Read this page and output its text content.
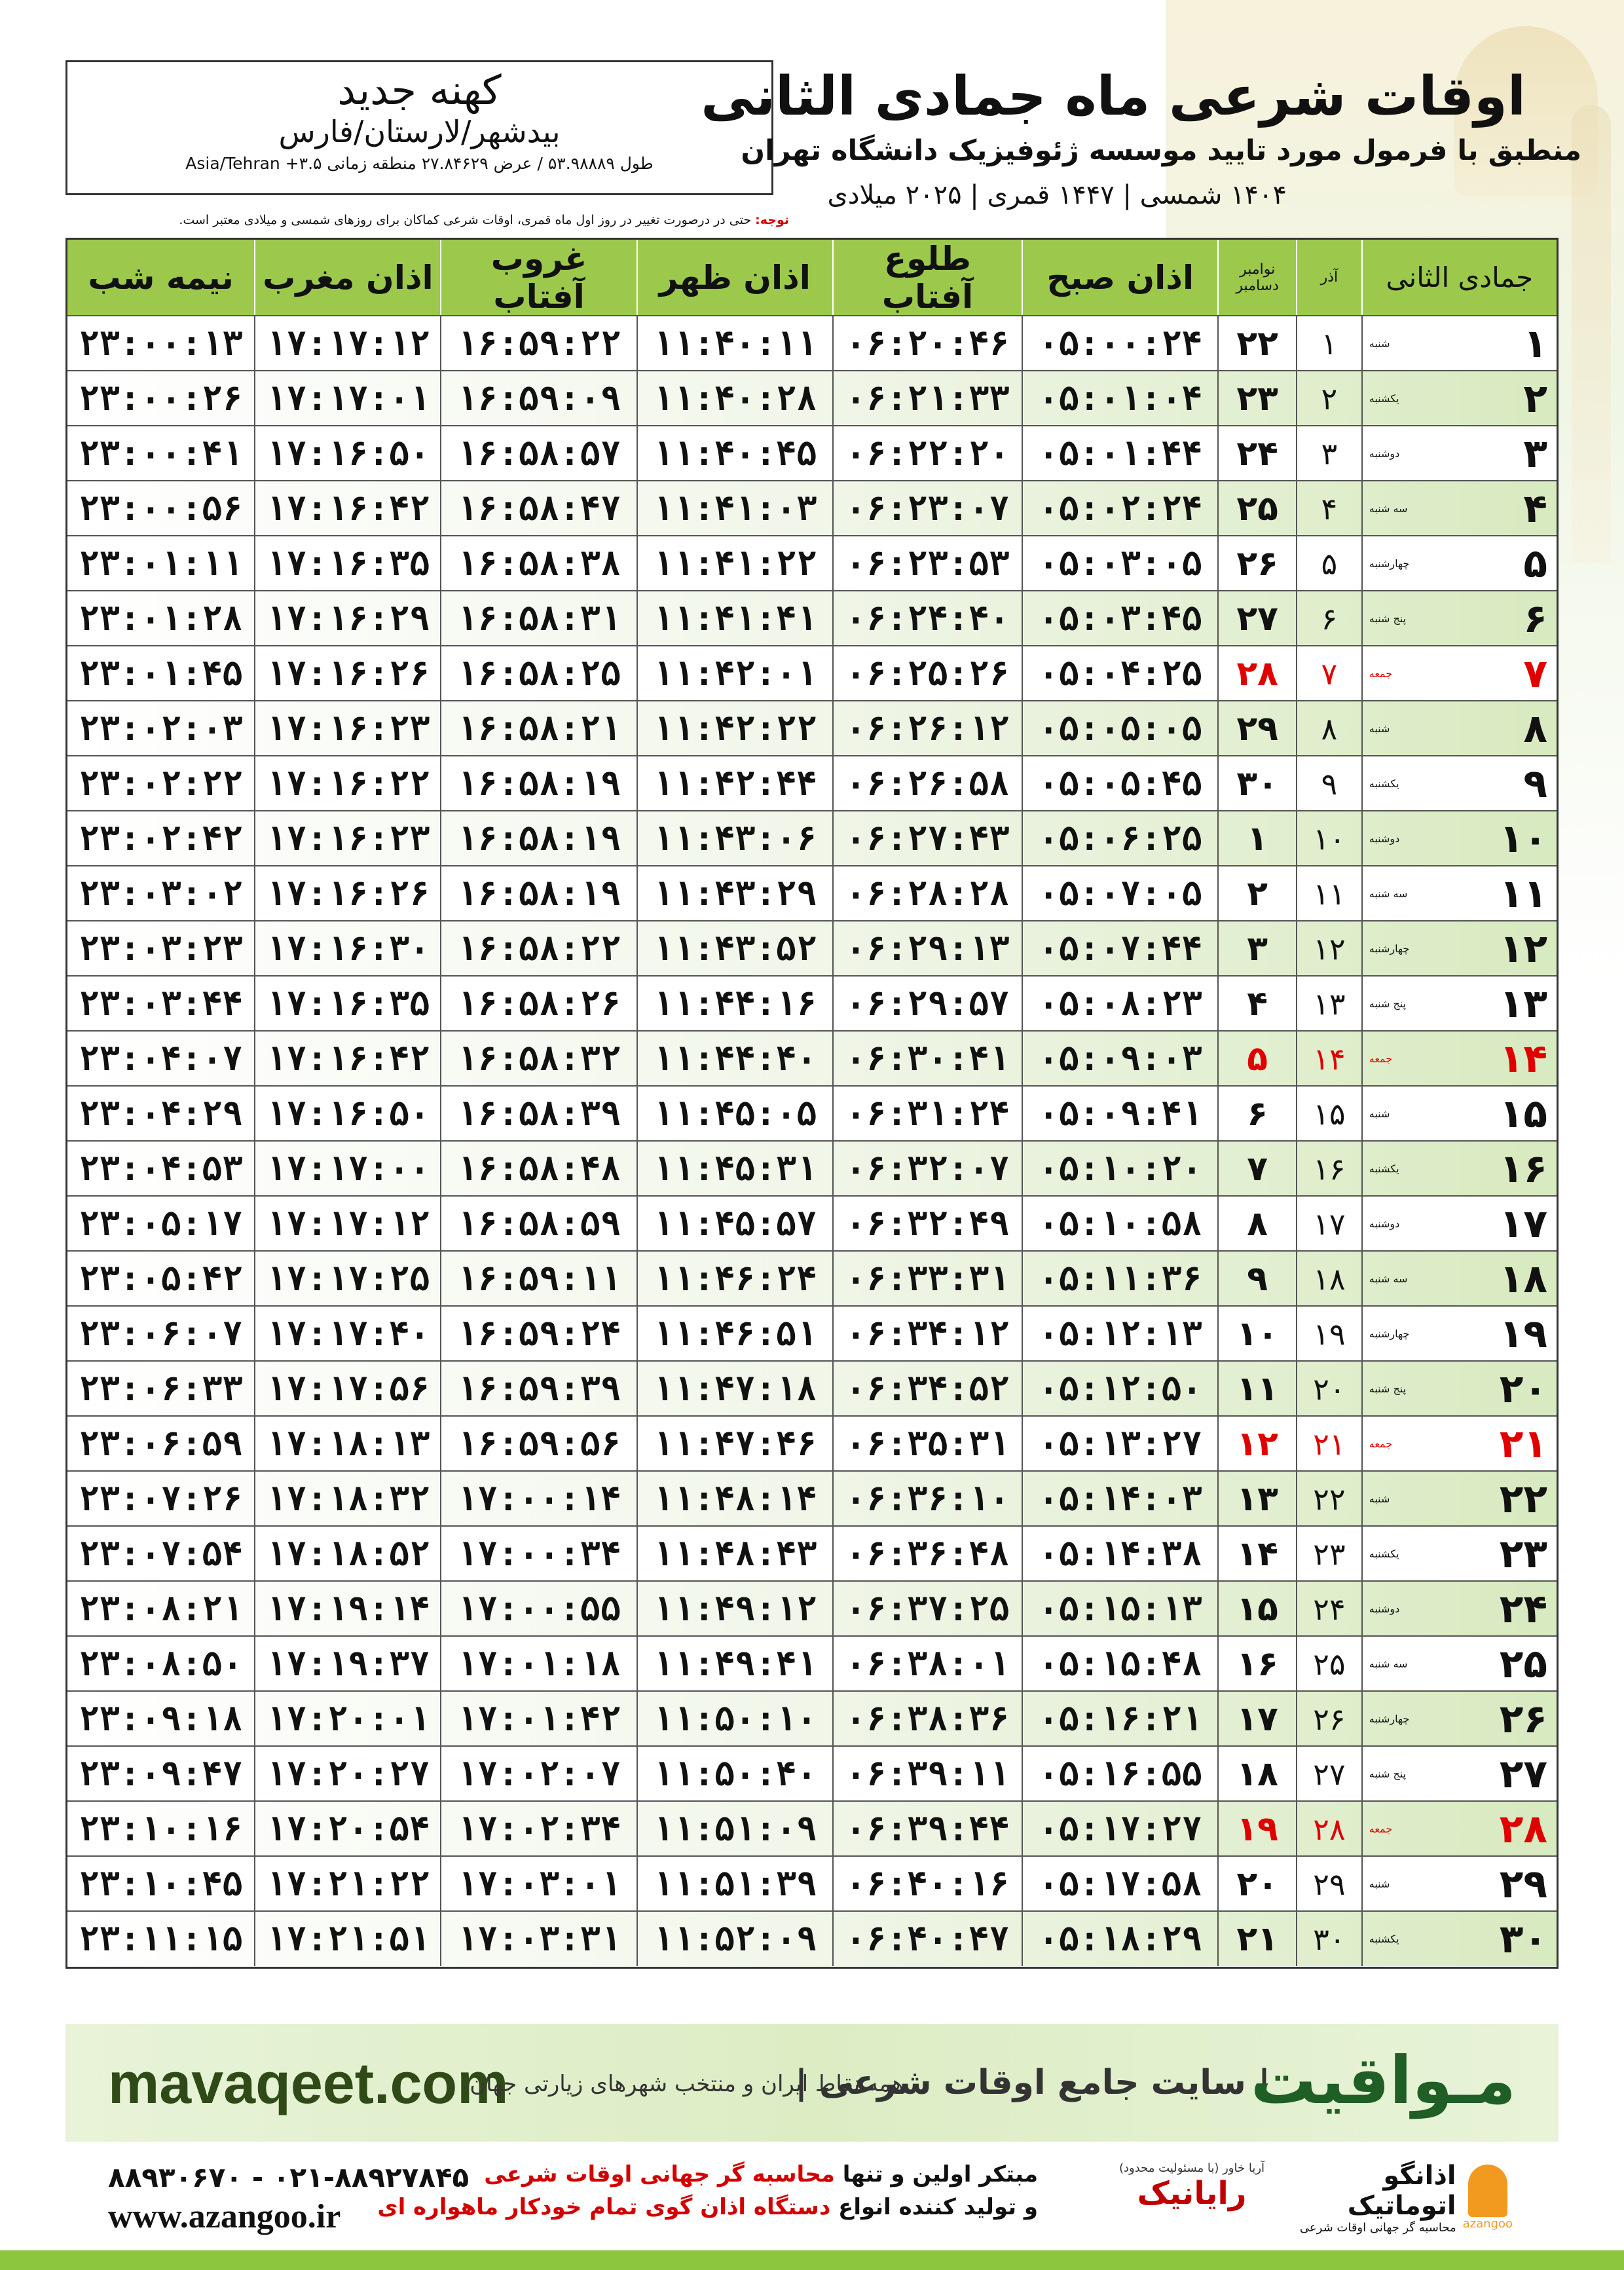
کهنه جدید
بیدشهر/لارستان/فارس
طول ۵۳.۹۸۸۸۹ / عرض ۲۷.۸۴۶۲۹ منطقه زمانی ۳.۵+ Asia/Tehran
اوقات شرعی ماه جمادی الثانی
منطبق با فرمول مورد تایید موسسه ژئوفیزیک دانشگاه تهران
۱۴۰۴ شمسی | ۱۴۴۷ قمری | ۲۰۲۵ میلادی
توجه: حتی در درصورت تغییر در روز اول ماه قمری، اوقات شرعی کماکان برای روزهای شمسی و میلادی معتبر است.
نیمه شب اذان مغرب	غروب آفتاب	اذان ظهر	طلوع آفتاب	اذان صبح	نوامبر
دسامبر	آذر	جمادی الثانی
۲۳:۰۰:۱۳ ۱۷:۱۷:۱۲ ۱۶:۵۹:۲۲ ۱۱:۴۰:۱۱ ۰۶:۲۰:۴۶ ۰۵:۰۰:۲۴	۲۲	۱	شنبه	۱
۲۳:۰۰:۲۶ ۱۷:۱۷:۰۱ ۱۶:۵۹:۰۹ ۱۱:۴۰:۲۸ ۰۶:۲۱:۳۳ ۰۵:۰۱:۰۴	۲۳	۲	یکشنبه	۲
۲۳:۰۰:۴۱ ۱۷:۱۶:۵۰ ۱۶:۵۸:۵۷ ۱۱:۴۰:۴۵ ۰۶:۲۲:۲۰ ۰۵:۰۱:۴۴	۲۴	۳	دوشنبه	۳
۲۳:۰۰:۵۶ ۱۷:۱۶:۴۲ ۱۶:۵۸:۴۷ ۱۱:۴۱:۰۳ ۰۶:۲۳:۰۷ ۰۵:۰۲:۲۴	۲۵	۴	سه شنبه	۴
۲۳:۰۱:۱۱ ۱۷:۱۶:۳۵ ۱۶:۵۸:۳۸ ۱۱:۴۱:۲۲ ۰۶:۲۳:۵۳ ۰۵:۰۳:۰۵	۲۶	۵	چهارشنبه	۵
۲۳:۰۱:۲۸ ۱۷:۱۶:۲۹ ۱۶:۵۸:۳۱ ۱۱:۴۱:۴۱ ۰۶:۲۴:۴۰ ۰۵:۰۳:۴۵	۲۷	۶	پنج شنبه	۶
۲۳:۰۱:۴۵ ۱۷:۱۶:۲۶ ۱۶:۵۸:۲۵ ۱۱:۴۲:۰۱ ۰۶:۲۵:۲۶ ۰۵:۰۴:۲۵	۲۸	۷	جمعه	۷
۲۳:۰۲:۰۳ ۱۷:۱۶:۲۳ ۱۶:۵۸:۲۱ ۱۱:۴۲:۲۲ ۰۶:۲۶:۱۲ ۰۵:۰۵:۰۵	۲۹	۸	شنبه	۸
۲۳:۰۲:۲۲ ۱۷:۱۶:۲۲ ۱۶:۵۸:۱۹ ۱۱:۴۲:۴۴ ۰۶:۲۶:۵۸ ۰۵:۰۵:۴۵	۳۰	۹	یکشنبه	۹
۲۳:۰۲:۴۲ ۱۷:۱۶:۲۳ ۱۶:۵۸:۱۹ ۱۱:۴۳:۰۶ ۰۶:۲۷:۴۳ ۰۵:۰۶:۲۵	۱	۱۰	دوشنبه	۱۰
۲۳:۰۳:۰۲ ۱۷:۱۶:۲۶ ۱۶:۵۸:۱۹ ۱۱:۴۳:۲۹ ۰۶:۲۸:۲۸ ۰۵:۰۷:۰۵	۲	۱۱	سه شنبه ۱۱
۲۳:۰۳:۲۳ ۱۷:۱۶:۳۰ ۱۶:۵۸:۲۲ ۱۱:۴۳:۵۲ ۰۶:۲۹:۱۳ ۰۵:۰۷:۴۴	۳	۱۲	چهارشنبه ۱۲
۲۳:۰۳:۴۴ ۱۷:۱۶:۳۵ ۱۶:۵۸:۲۶ ۱۱:۴۴:۱۶ ۰۶:۲۹:۵۷ ۰۵:۰۸:۲۳	۴	۱۳	پنج شنبه ۱۳
۲۳:۰۴:۰۷ ۱۷:۱۶:۴۲ ۱۶:۵۸:۳۲ ۱۱:۴۴:۴۰ ۰۶:۳۰:۴۱ ۰۵:۰۹:۰۳	۵	۱۴	جمعه	۱۴
۲۳:۰۴:۲۹ ۱۷:۱۶:۵۰ ۱۶:۵۸:۳۹ ۱۱:۴۵:۰۵ ۰۶:۳۱:۲۴ ۰۵:۰۹:۴۱	۶	۱۵	شنبه	۱۵
۲۳:۰۴:۵۳ ۱۷:۱۷:۰۰ ۱۶:۵۸:۴۸ ۱۱:۴۵:۳۱ ۰۶:۳۲:۰۷ ۰۵:۱۰:۲۰	۷	۱۶	یکشنبه	۱۶
۲۳:۰۵:۱۷ ۱۷:۱۷:۱۲ ۱۶:۵۸:۵۹ ۱۱:۴۵:۵۷ ۰۶:۳۲:۴۹ ۰۵:۱۰:۵۸	۸	۱۷	دوشنبه	۱۷
۲۳:۰۵:۴۲ ۱۷:۱۷:۲۵ ۱۶:۵۹:۱۱ ۱۱:۴۶:۲۴ ۰۶:۳۳:۳۱ ۰۵:۱۱:۳۶	۹	۱۸	سه شنبه ۱۸
۲۳:۰۶:۰۷ ۱۷:۱۷:۴۰ ۱۶:۵۹:۲۴ ۱۱:۴۶:۵۱ ۰۶:۳۴:۱۲ ۰۵:۱۲:۱۳	۱۰	۱۹	چهارشنبه ۱۹
۲۳:۰۶:۳۳ ۱۷:۱۷:۵۶ ۱۶:۵۹:۳۹ ۱۱:۴۷:۱۸ ۰۶:۳۴:۵۲ ۰۵:۱۲:۵۰	۱۱	۲۰	پنج شنبه ۲۰
۲۳:۰۶:۵۹ ۱۷:۱۸:۱۳ ۱۶:۵۹:۵۶ ۱۱:۴۷:۴۶ ۰۶:۳۵:۳۱ ۰۵:۱۳:۲۷	۱۲	۲۱	جمعه	۲۱
۲۳:۰۷:۲۶ ۱۷:۱۸:۳۲ ۱۷:۰۰:۱۴ ۱۱:۴۸:۱۴ ۰۶:۳۶:۱۰ ۰۵:۱۴:۰۳	۱۳	۲۲	شنبه	۲۲
۲۳:۰۷:۵۴ ۱۷:۱۸:۵۲ ۱۷:۰۰:۳۴ ۱۱:۴۸:۴۳ ۰۶:۳۶:۴۸ ۰۵:۱۴:۳۸	۱۴	۲۳	یکشنبه	۲۳
۲۳:۰۸:۲۱ ۱۷:۱۹:۱۴ ۱۷:۰۰:۵۵ ۱۱:۴۹:۱۲ ۰۶:۳۷:۲۵ ۰۵:۱۵:۱۳	۱۵	۲۴	دوشنبه	۲۴
۲۳:۰۸:۵۰ ۱۷:۱۹:۳۷ ۱۷:۰۱:۱۸ ۱۱:۴۹:۴۱ ۰۶:۳۸:۰۱ ۰۵:۱۵:۴۸	۱۶	۲۵	سه شنبه ۲۵
۲۳:۰۹:۱۸ ۱۷:۲۰:۰۱ ۱۷:۰۱:۴۲ ۱۱:۵۰:۱۰ ۰۶:۳۸:۳۶ ۰۵:۱۶:۲۱	۱۷	۲۶	چهارشنبه ۲۶
۲۳:۰۹:۴۷ ۱۷:۲۰:۲۷ ۱۷:۰۲:۰۷ ۱۱:۵۰:۴۰ ۰۶:۳۹:۱۱ ۰۵:۱۶:۵۵	۱۸	۲۷	پنج شنبه ۲۷
۲۳:۱۰:۱۶ ۱۷:۲۰:۵۴ ۱۷:۰۲:۳۴ ۱۱:۵۱:۰۹ ۰۶:۳۹:۴۴ ۰۵:۱۷:۲۷	۱۹	۲۸	جمعه	۲۸
۲۳:۱۰:۴۵ ۱۷:۲۱:۲۲ ۱۷:۰۳:۰۱ ۱۱:۵۱:۳۹ ۰۶:۴۰:۱۶ ۰۵:۱۷:۵۸	۲۰	۲۹	شنبه	۲۹
۲۳:۱۱:۱۵ ۱۷:۲۱:۵۱ ۱۷:۰۳:۳۱ ۱۱:۵۲:۰۹ ۰۶:۴۰:۴۷ ۰۵:۱۸:۲۹	۲۱	۳۰	یکشنبه	۳۰
mavaqeet.com
همه نقاط ایران و منتخب شهرهای زیارتی جهان
| سایت جامع اوقات شرعی |
مـواقیت
۰۲۱-۸۸۹۲۷۸۴۵ - ۸۸۹۳۰۶۷۰
www.azangoo.ir
مبتکر اولین و تنها محاسبه گر جهانی اوقات شرعی
و تولید کننده انواع دستگاه اذان گوی تمام خودکار ماهواره ای
آریا خاور (با مسئولیت محدود)
رایانیک
azangoo
اذانگو اتوماتیک
محاسبه گر جهانی اوقات شرعی
